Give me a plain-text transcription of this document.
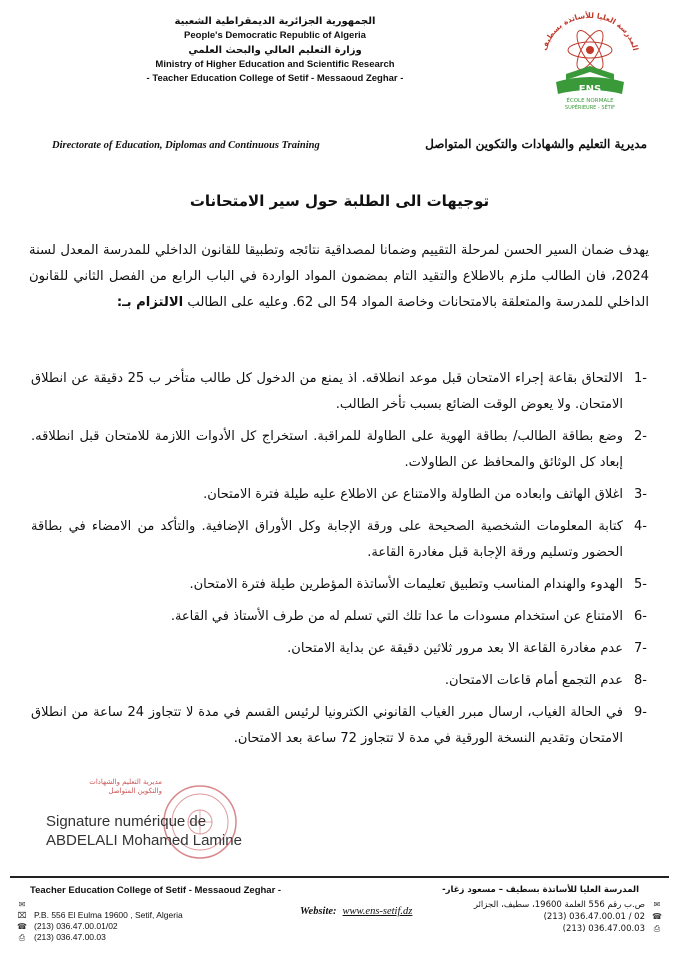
الجمهورية الجزائرية الديمقراطية الشعبية
People's Democratic Republic of Algeria
وزارة التعليم العالي والبحث العلمي
Ministry of Higher Education and Scientific Research
- Teacher Education College of Setif - Messaoud Zeghar -
المدرسة العليا للأساتذة بسطيف
ENS
ÉCOLE NORMALE
SUPÉRIEURE - SÉTIF
Directorate of Education, Diplomas and Continuous Training	مديرية التعليم والشهادات والتكوين المتواصل
توجيهات الى الطلبة حول سير الامتحانات
يهدف ضمان السير الحسن لمرحلة التقييم وضمانا لمصداقية نتائجه وتطبيقا للقانون الداخلي للمدرسة المعدل لسنة 2024، فان الطالب ملزم بالاطلاع والتقيد التام بمضمون المواد الواردة في الباب الرابع من الفصل الثاني للقانون الداخلي للمدرسة والمتعلقة بالامتحانات وخاصة المواد 54 الى 62. وعليه على الطالب الالتزام بـ:
-1
الالتحاق بقاعة إجراء الامتحان قبل موعد انطلاقه. اذ يمنع من الدخول كل طالب متأخر ب 25 دقيقة عن انطلاق الامتحان. ولا يعوض الوقت الضائع بسبب تأخر الطالب.
-2
وضع بطاقة الطالب/ بطاقة الهوية على الطاولة للمراقبة. استخراج كل الأدوات اللازمة للامتحان قبل انطلاقه. إبعاد كل الوثائق والمحافظ عن الطاولات.
-3
اغلاق الهاتف وابعاده من الطاولة والامتناع عن الاطلاع عليه طيلة فترة الامتحان.
-4
كتابة المعلومات الشخصية الصحيحة على ورقة الإجابة وكل الأوراق الإضافية. والتأكد من الامضاء في بطاقة الحضور وتسليم ورقة الإجابة قبل مغادرة القاعة.
-5
الهدوء والهندام المناسب وتطبيق تعليمات الأساتذة المؤطرين طيلة فترة الامتحان.
-6
الامتناع عن استخدام مسودات ما عدا تلك التي تسلم له من طرف الأستاذ في القاعة.
-7
عدم مغادرة القاعة الا بعد مرور ثلاثين دقيقة عن بداية الامتحان.
-8
عدم التجمع أمام قاعات الامتحان.
-9
في الحالة الغياب، ارسال مبرر الغياب القانوني الكترونيا لرئيس القسم في مدة لا تتجاوز 24 ساعة من انطلاق الامتحان وتقديم النسخة الورقية في مدة لا تتجاوز 72 ساعة بعد الامتحان.
مديرية التعليم والشهادات
والتكوين المتواصل
Signature numérique de
ABDELALI Mohamed Lamine
Teacher Education College of Setif - Messaoud Zeghar -
✉
⌧ P.B. 556 El Eulma 19600 , Setif, Algeria
☎ (213) 036.47.00.01/02
⎙	(213) 036.47.00.03
Website: www.ens-setif.dz
المدرسة العليا للأساتذة بسطيف – مسعود زغار-
ص.ب رقم 556 العلمة 19600، سطيف، الجزائر	✉
(213) 036.47.00.01 / 02 ☎
(213) 036.47.00.03	⎙
